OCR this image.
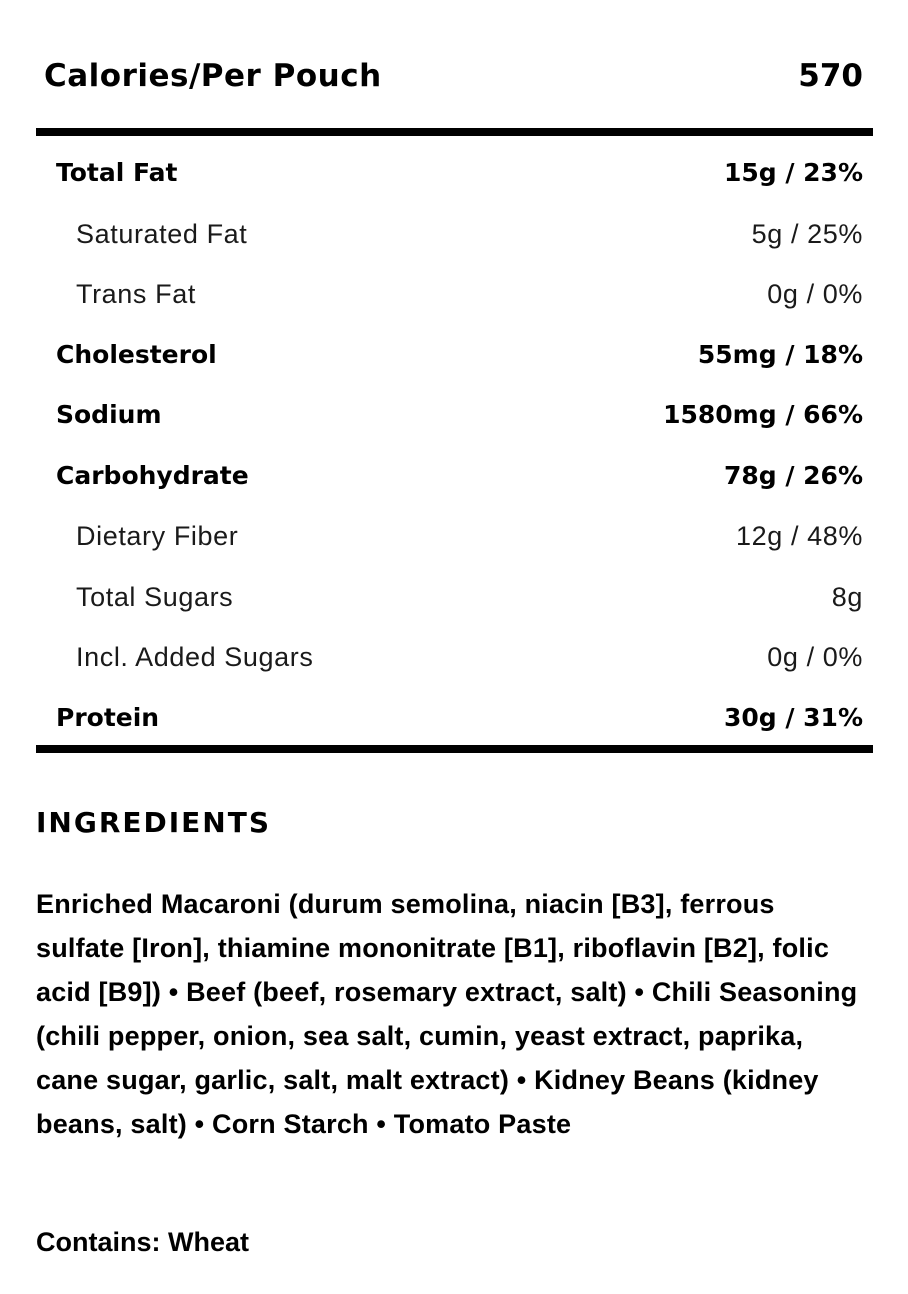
Calories/Per Pouch	570
Total Fat	15g / 23%
Saturated Fat	5g / 25%
Trans Fat	0g / 0%
Cholesterol	55mg / 18%
Sodium	1580mg / 66%
Carbohydrate	78g / 26%
Dietary Fiber	12g / 48%
Total Sugars	8g
Incl. Added Sugars	0g / 0%
Protein	30g / 31%
INGREDIENTS
Enriched Macaroni (durum semolina, niacin [B3], ferrous sulfate [Iron], thiamine mononitrate [B1], riboflavin [B2], folic acid [B9]) • Beef (beef, rosemary extract, salt) • Chili Seasoning (chili pepper, onion, sea salt, cumin, yeast extract, paprika, cane sugar, garlic, salt, malt extract) • Kidney Beans (kidney beans, salt) • Corn Starch • Tomato Paste
Contains: Wheat
